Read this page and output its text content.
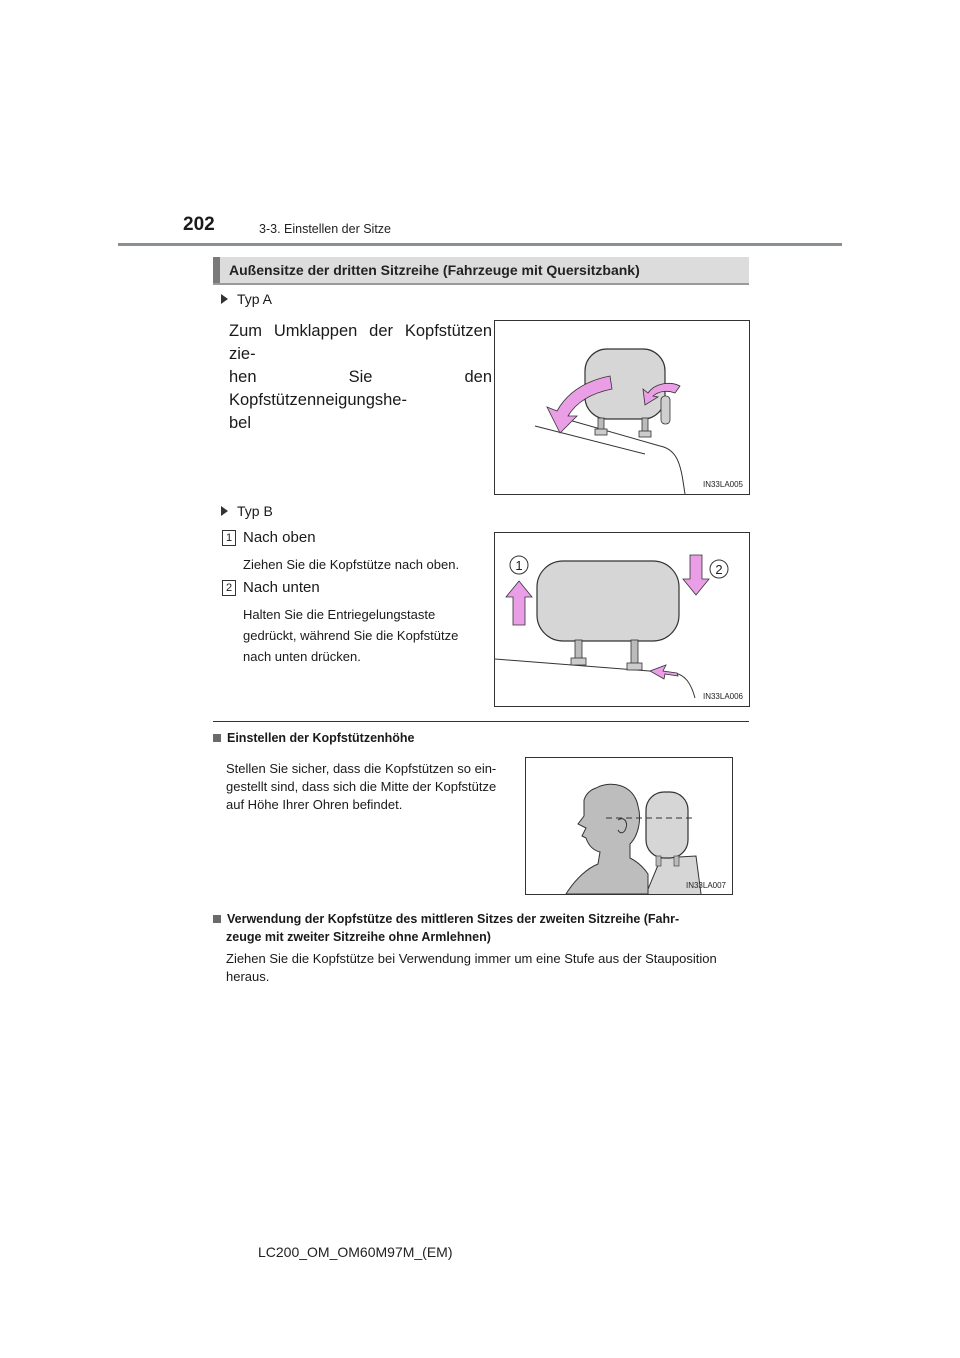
202	3-3. Einstellen der Sitze
Außensitze der dritten Sitzreihe (Fahrzeuge mit Quersitzbank)
Typ A
Zum Umklappen der Kopfstützen zie-
hen Sie den Kopfstützenneigungshe-
bel
IN33LA005
Typ B
1 Nach oben
Ziehen Sie die Kopfstütze nach oben.
2 Nach unten
Halten Sie die Entriegelungstaste
gedrückt, während Sie die Kopfstütze
nach unten drücken.
1	2
IN33LA006
Einstellen der Kopfstützenhöhe
Stellen Sie sicher, dass die Kopfstützen so ein-
gestellt sind, dass sich die Mitte der Kopfstütze
auf Höhe Ihrer Ohren befindet.
IN33LA007
Verwendung der Kopfstütze des mittleren Sitzes der zweiten Sitzreihe (Fahr-
zeuge mit zweiter Sitzreihe ohne Armlehnen)
Ziehen Sie die Kopfstütze bei Verwendung immer um eine Stufe aus der Stauposition
heraus.
LC200_OM_OM60M97M_(EM)
